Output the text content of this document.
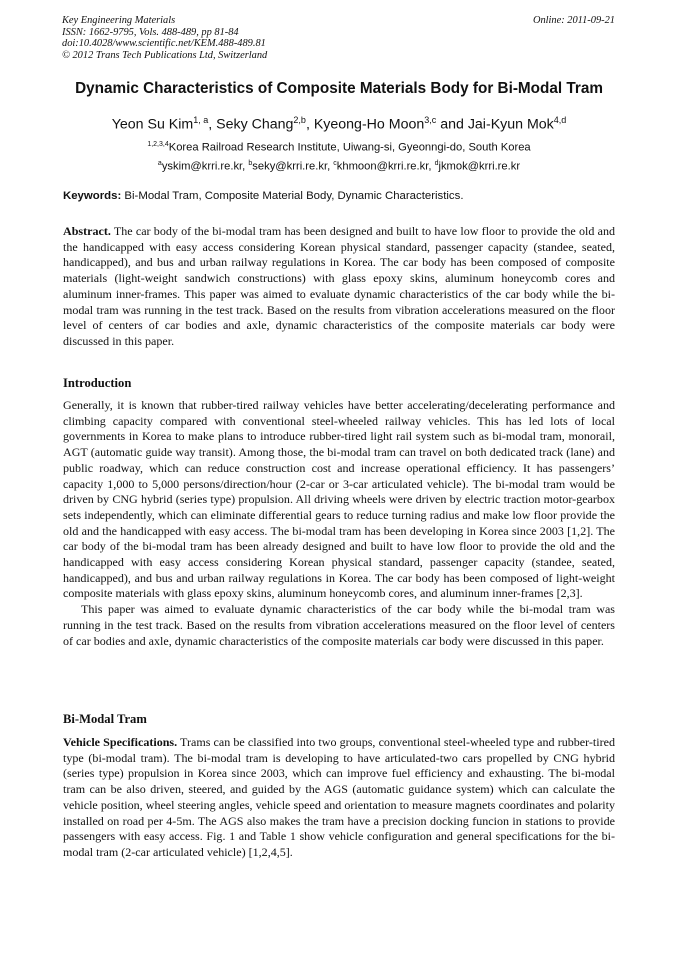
Key Engineering Materials
ISSN: 1662-9795, Vols. 488-489, pp 81-84
doi:10.4028/www.scientific.net/KEM.488-489.81
© 2012 Trans Tech Publications Ltd, Switzerland
Online: 2011-09-21
Dynamic Characteristics of Composite Materials Body for Bi-Modal Tram
Yeon Su Kim$^{1, a}$, Seky Chang$^{2,b}$, Kyeong-Ho Moon$^{3,c}$ and Jai-Kyun Mok$^{4,d}$
$^{1,2,3,4}$Korea Railroad Research Institute, Uiwang-si, Gyeonngi-do, South Korea
$^a$yskim@krri.re.kr, $^b$seky@krri.re.kr, $^c$khmoon@krri.re.kr, $^d$jkmok@krri.re.kr
Keywords: Bi-Modal Tram, Composite Material Body, Dynamic Characteristics.

Abstract. The car body of the bi-modal tram has been designed and built to have low floor to provide the old and the handicapped with easy access considering Korean physical standard, passenger capacity (standee, seated, handicapped), and bus and urban railway regulations in Korea. The car body has been composed of composite materials (light-weight sandwich constructions) with glass epoxy skins, aluminum honeycomb cores and aluminum inner-frames. This paper was aimed to evaluate dynamic characteristics of the car body while the bi-modal tram was running in the test track. Based on the results from vibration accelerations measured on the floor level of centers of car bodies and axle, dynamic characteristics of the composite materials car body were discussed in this paper.

Introduction

Generally, it is known that rubber-tired railway vehicles have better accelerating/decelerating performance and climbing capacity compared with conventional steel-wheeled railway vehicles. This has led lots of local governments in Korea to make plans to introduce rubber-tired light rail system such as bi-modal tram, monorail, AGT (automatic guide way transit). Among those, the bi-modal tram can travel on both dedicated track (lane) and public roadway, which can reduce construction cost and increase operational efficiency. It has passengers’ capacity 1,000 to 5,000 persons/direction/hour (2-car or 3-car articulated vehicle). The bi-modal tram would be driven by CNG hybrid (series type) propulsion. All driving wheels were driven by electric traction motor-gearbox sets independently, which can eliminate differential gears to reduce turning radius and make low floor provide the old and the handicapped with easy access. The bi-modal tram has been developing in Korea since 2003 [1,2]. The car body of the bi-modal tram has been already designed and built to have low floor to provide the old and the handicapped with easy access considering Korean physical standard, passenger capacity (standee, seated, handicapped), and bus and urban railway regulations in Korea. The car body has been composed of light-weight composite materials with glass epoxy skins, aluminum honeycomb cores, and aluminum inner-frames [2,3].

This paper was aimed to evaluate dynamic characteristics of the car body while the bi-modal tram was running in the test track. Based on the results from vibration accelerations measured on the floor level of centers of car bodies and axle, dynamic characteristics of the composite materials car body were discussed in this paper.

Bi-Modal Tram

Vehicle Specifications. Trams can be classified into two groups, conventional steel-wheeled type and rubber-tired type (bi-modal tram). The bi-modal tram is developing to have articulated-two cars propelled by CNG hybrid (series type) propulsion in Korea since 2003, which can improve fuel efficiency and exhausting. The bi-modal tram can be also driven, steered, and guided by the AGS (automatic guidance system) which can calculate the vehicle position, wheel steering angles, vehicle speed and orientation to measure magnets coordinates and polarity installed on road per 4-5m. The AGS also makes the tram have a precision docking funcion in stations to provide passengers with easy access. Fig. 1 and Table 1 show vehicle configuration and general specifications for the bi-modal tram (2-car articulated vehicle) [1,2,4,5].
